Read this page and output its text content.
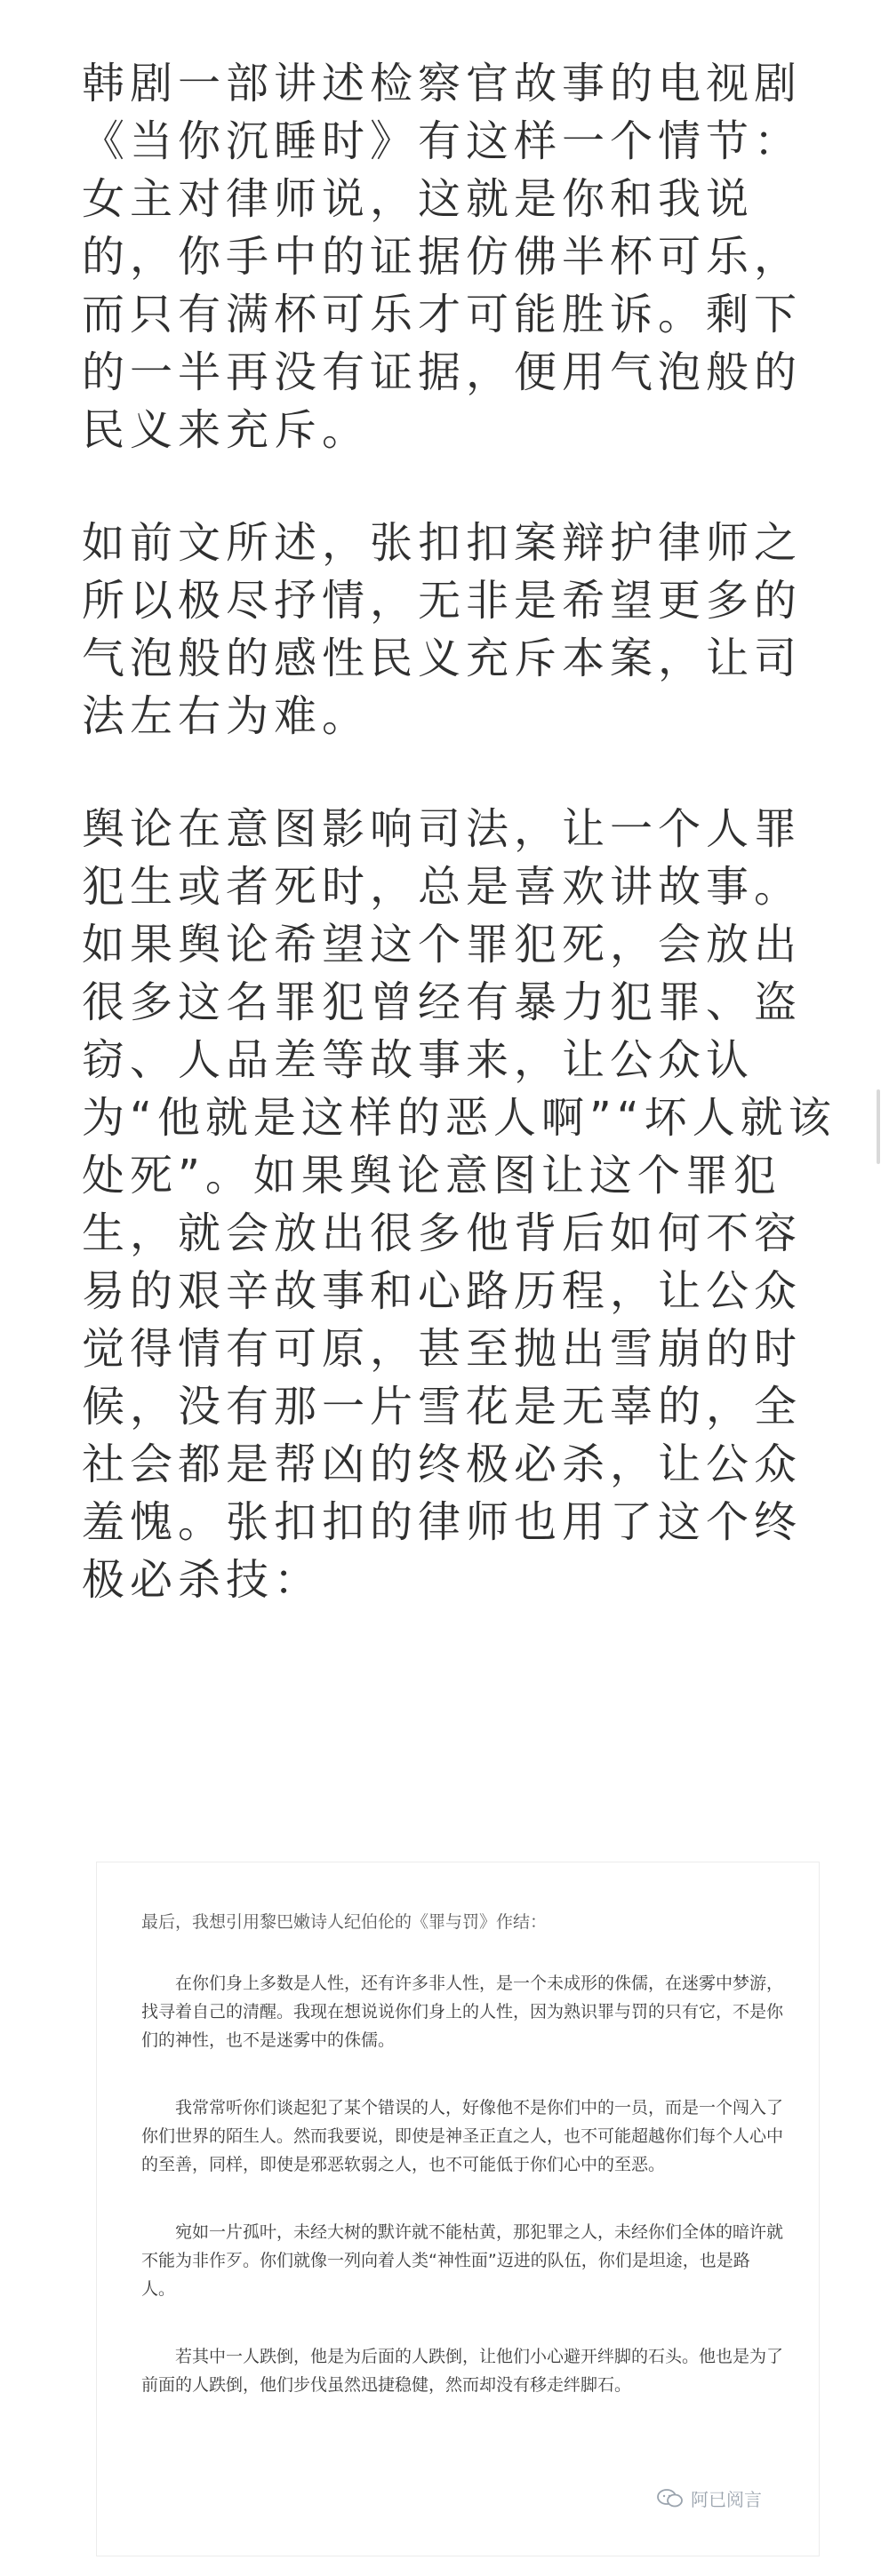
韩剧一部讲述检察官故事的电视剧
《当你沉睡时》有这样一个情节：
女主对律师说，这就是你和我说
的，你手中的证据仿佛半杯可乐，
而只有满杯可乐才可能胜诉。剩下
的一半再没有证据，便用气泡般的
民义来充斥。
如前文所述，张扣扣案辩护律师之
所以极尽抒情，无非是希望更多的
气泡般的感性民义充斥本案，让司
法左右为难。
舆论在意图影响司法，让一个人罪
犯生或者死时，总是喜欢讲故事。
如果舆论希望这个罪犯死，会放出
很多这名罪犯曾经有暴力犯罪、盗
窃、人品差等故事来，让公众认
为“他就是这样的恶人啊”“坏人就该
处死”。如果舆论意图让这个罪犯
生，就会放出很多他背后如何不容
易的艰辛故事和心路历程，让公众
觉得情有可原，甚至抛出雪崩的时
候，没有那一片雪花是无辜的，全
社会都是帮凶的终极必杀，让公众
羞愧。张扣扣的律师也用了这个终
极必杀技：
最后，我想引用黎巴嫩诗人纪伯伦的《罪与罚》作结：
在你们身上多数是人性，还有许多非人性，是一个未成形的侏儒，在迷雾中梦游，
找寻着自己的清醒。我现在想说说你们身上的人性，因为熟识罪与罚的只有它，不是你
们的神性，也不是迷雾中的侏儒。
我常常听你们谈起犯了某个错误的人，好像他不是你们中的一员，而是一个闯入了
你们世界的陌生人。然而我要说，即使是神圣正直之人，也不可能超越你们每个人心中
的至善，同样，即使是邪恶软弱之人，也不可能低于你们心中的至恶。
宛如一片孤叶，未经大树的默许就不能枯黄，那犯罪之人，未经你们全体的暗许就
不能为非作歹。你们就像一列向着人类“神性面”迈进的队伍，你们是坦途，也是路
人。
若其中一人跌倒，他是为后面的人跌倒，让他们小心避开绊脚的石头。他也是为了
前面的人跌倒，他们步伐虽然迅捷稳健，然而却没有移走绊脚石。
阿已阅言
